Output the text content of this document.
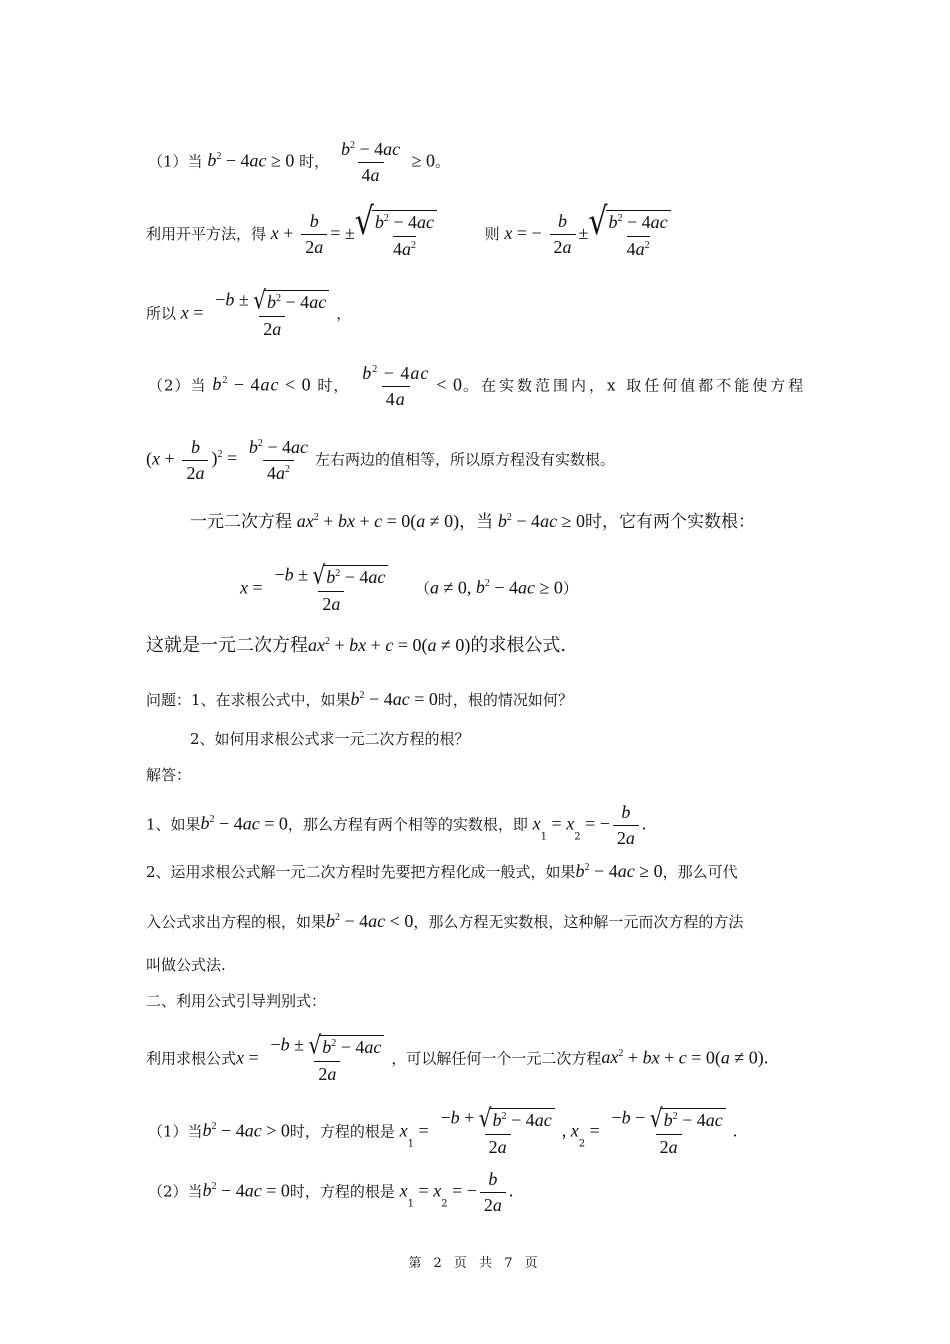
（1）当 $b^2 - 4ac \ge 0$ 时， $\frac{b^2 - 4ac}{4a} \ge 0$。
利用开平方法，得 $x + \frac{b}{2a}$ = ± √ $b^2 - 4ac$
$4a^2$
则 x = − $\frac{b}{2a}$ ± √ $b^2 - 4ac$
$4a^2$
所以 $x = \frac{-b \pm √ b^2 - 4ac}{2a}$ ，
（2）当 $b^2 - 4ac < 0$ 时， $\frac{b^2 - 4ac}{4a} < 0$。在实数范围内，x 取任何值都不能使方程
$(x + \frac{b}{2a} )^2 = \frac{b^2 - 4ac}{4a^2}$ 左右两边的值相等，所以原方程没有实数根。
一元二次方程 $ax^2$ + bx + c = 0(a ≠ 0)，当 $b^2 - 4ac \ge 0$时，它有两个实数根：
$x = \frac{-b \pm √ b^2 - 4ac}{2a} (a \ne 0$, $b^2 - 4ac \ge 0$）
这就是一元二次方程$ax^2$ + bx + c = 0(a ≠ 0)的求根公式.
问题：1、在求根公式中，如果$b^2 - 4ac = 0$时，根的情况如何？
2、如何用求根公式求一元二次方程的根？
解答：
1、如果$b^2 - 4ac = 0$，那么方程有两个相等的实数根，即 $x_1 = x_2$ = − $\frac{b}{2a}$ .
2、运用求根公式解一元二次方程时先要把方程化成一般式，如果$b^2 - 4ac \ge 0$，那么可代
入公式求出方程的根，如果$b^2 - 4ac < 0$，那么方程无实数根，这种解一元而次方程的方法
叫做公式法.
二、利用公式引导判别式：
利用求根公式$x = \frac{-b \pm √ b^2 - 4ac}{2a}$ ，可以解任何一个一元二次方程$ax^2$ + bx + c = 0(a ≠ 0).
（1）当$b^2 - 4ac > 0$时，方程的根是 $x_1 = \frac{-b + √ b^2 - 4ac}{2a}$ , $x_2 = \frac{-b - √ b^2 - 4ac}{2a}$ .
（2）当$b^2 - 4ac = 0$时，方程的根是 $x_1 = x_2$ = − $\frac{b}{2a}$ .
第 2 页 共 7 页
